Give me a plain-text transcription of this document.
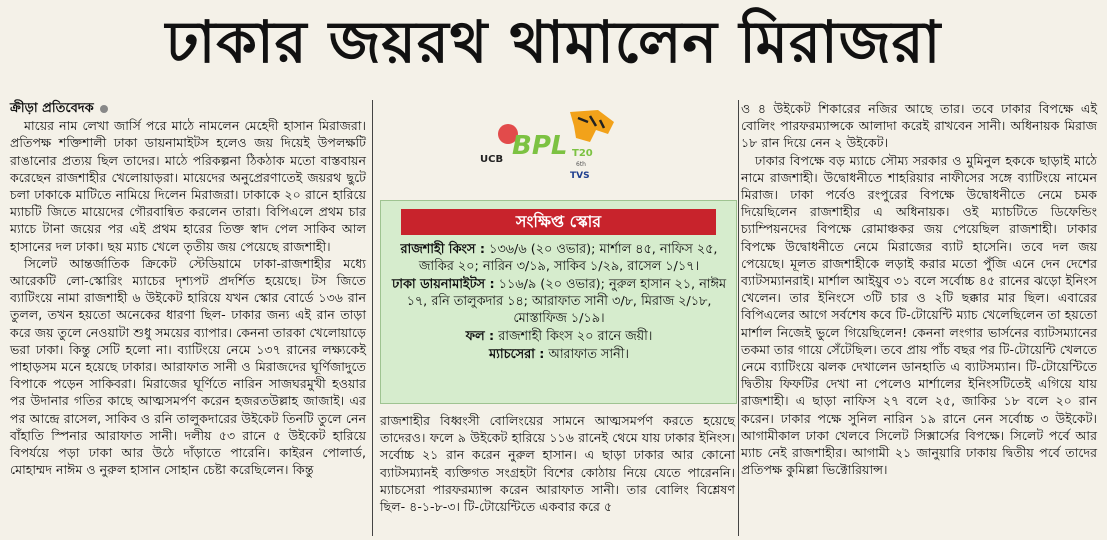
ঢাকার জয়রথ থামালেন মিরাজরা

ক্রীড়া প্রতিবেদক

মায়ের নাম লেখা জার্সি পরে মাঠে নামলেন মেহেদী হাসান মিরাজরা। প্রতিপক্ষ শক্তিশালী ঢাকা ডায়নামাইটস হলেও জয় দিয়েই উপলক্ষটি রাঙানোর প্রত্যয় ছিল তাদের। মাঠে পরিকল্পনা ঠিকঠাক মতো বাস্তবায়ন করেছেন রাজশাহীর খেলোয়াড়রা। মায়েদের অনুপ্রেরণাতেই জয়রথ ছুটে চলা ঢাকাকে মাটিতে নামিয়ে দিলেন মিরাজরা। ঢাকাকে ২০ রানে হারিয়ে ম্যাচটি জিতে মায়েদের গৌরবান্বিত করলেন তারা। বিপিএলে প্রথম চার ম্যাচে টানা জয়ের পর এই প্রথম হারের তিক্ত স্বাদ পেল সাকিব আল হাসানের দল ঢাকা। ছয় ম্যাচ খেলে তৃতীয় জয় পেয়েছে রাজশাহী।

সিলেট আন্তর্জাতিক ক্রিকেট স্টেডিয়ামে ঢাকা-রাজশাহীর মধ্যে আরেকটি লো-স্কোরিং ম্যাচের দৃশ্যপট প্রদর্শিত হয়েছে। টস জিতে ব্যাটিংয়ে নামা রাজশাহী ৬ উইকেট হারিয়ে যখন স্কোর বোর্ডে ১৩৬ রান তুলল, তখন হয়তো অনেকের ধারণা ছিল- ঢাকার জন্য এই রান তাড়া করে জয় তুলে নেওয়াটা শুধু সময়ের ব্যাপার। কেননা তারকা খেলোয়াড়ে ভরা ঢাকা। কিন্তু সেটি হলো না। ব্যাটিংয়ে নেমে ১৩৭ রানের লক্ষ্যকেই পাহাড়সম মনে হয়েছে ঢাকার। আরাফাত সানী ও মিরাজদের ঘূর্ণিজাদুতে বিপাকে পড়েন সাকিবরা। মিরাজের ঘূর্ণিতে নারিন সাজঘরমুখী হওয়ার পর উদানার গতির কাছে আত্মসমর্পণ করেন হজরতউল্লাহ জাজাই। এর পর আন্দ্রে রাসেল, সাকিব ও রনি তালুকদারের উইকেট তিনটি তুলে নেন বাঁহাতি স্পিনার আরাফাত সানী। দলীয় ৫৩ রানে ৫ উইকেট হারিয়ে বিপর্যয়ে পড়া ঢাকা আর উঠে দাঁড়াতে পারেনি। কাইরন পোলার্ড, মোহাম্মদ নাঈম ও নুরুল হাসান সোহান চেষ্টা করেছিলেন। কিন্তু

BPL T20
6th
UCB
TVS
সংক্ষিপ্ত স্কোর

রাজশাহী কিংস : ১৩৬/৬ (২০ ওভার); মার্শাল ৪৫, নাফিস ২৫, জাকির ২০; নারিন ৩/১৯, সাকিব ১/২৯, রাসেল ১/১৭।

ঢাকা ডায়নামাইটস : ১১৬/৯ (২০ ওভার); নুরুল হাসান ২১, নাঈম ১৭, রনি তালুকদার ১৪; আরাফাত সানী ৩/৮, মিরাজ ২/১৮, মোস্তাফিজ ১/১৯।

ফল : রাজশাহী কিংস ২০ রানে জয়ী।

ম্যাচসেরা : আরাফাত সানী।

রাজশাহীর বিধ্বংসী বোলিংয়ের সামনে আত্মসমর্পণ করতে হয়েছে তাদেরও। ফলে ৯ উইকেট হারিয়ে ১১৬ রানেই থেমে যায় ঢাকার ইনিংস। সর্বোচ্চ ২১ রান করেন নুরুল হাসান। এ ছাড়া ঢাকার আর কোনো ব্যাটসম্যানই ব্যক্তিগত সংগ্রহটা বিশের কোঠায় নিয়ে যেতে পারেননি। ম্যাচসেরা পারফরম্যান্স করেন আরাফাত সানী। তার বোলিং বিশ্লেষণ ছিল- ৪-১-৮-৩। টি-টোয়েন্টিতে একবার করে ৫

ও ৪ উইকেট শিকারের নজির আছে তার। তবে ঢাকার বিপক্ষে এই বোলিং পারফরম্যান্সকে আলাদা করেই রাখবেন সানী। অধিনায়ক মিরাজ ১৮ রান দিয়ে নেন ২ উইকেট।

ঢাকার বিপক্ষে বড় ম্যাচে সৌম্য সরকার ও মুমিনুল হককে ছাড়াই মাঠে নামে রাজশাহী। উদ্বোধনীতে শাহরিয়ার নাফীসের সঙ্গে ব্যাটিংয়ে নামেন মিরাজ। ঢাকা পর্বেও রংপুরের বিপক্ষে উদ্বোধনীতে নেমে চমক দিয়েছিলেন রাজশাহীর এ অধিনায়ক। ওই ম্যাচটিতে ডিফেন্ডিং চ্যাম্পিয়নদের বিপক্ষে রোমাঞ্চকর জয় পেয়েছিল রাজশাহী। ঢাকার বিপক্ষে উদ্বোধনীতে নেমে মিরাজের ব্যাট হাসেনি। তবে দল জয় পেয়েছে। মূলত রাজশাহীকে লড়াই করার মতো পুঁজি এনে দেন দেশের ব্যাটসম্যানরাই। মার্শাল আইয়ুব ৩১ বলে সর্বোচ্চ ৪৫ রানের ঝড়ো ইনিংস খেলেন। তার ইনিংসে ৩টি চার ও ২টি ছক্কার মার ছিল। এবারের বিপিএলের আগে সর্বশেষ কবে টি-টোয়েন্টি ম্যাচ খেলেছিলেন তা হয়তো মার্শাল নিজেই ভুলে গিয়েছিলেন! কেননা লংগার ভার্সনের ব্যাটসম্যানের তকমা তার গায়ে সেঁটেছিল। তবে প্রায় পাঁচ বছর পর টি-টোয়েন্টি খেলতে নেমে ব্যাটিংয়ে ঝলক দেখালেন ডানহাতি এ ব্যাটসম্যান। টি-টোয়েন্টিতে দ্বিতীয় ফিফটির দেখা না পেলেও মার্শালের ইনিংসটিতেই এগিয়ে যায় রাজশাহী। এ ছাড়া নাফিস ২৭ বলে ২৫, জাকির ১৮ বলে ২০ রান করেন। ঢাকার পক্ষে সুনিল নারিন ১৯ রানে নেন সর্বোচ্চ ৩ উইকেট। আগামীকাল ঢাকা খেলবে সিলেট সিক্সার্সের বিপক্ষে। সিলেট পর্বে আর ম্যাচ নেই রাজশাহীর। আগামী ২১ জানুয়ারি ঢাকায় দ্বিতীয় পর্বে তাদের প্রতিপক্ষ কুমিল্লা ভিক্টোরিয়ান্স।
